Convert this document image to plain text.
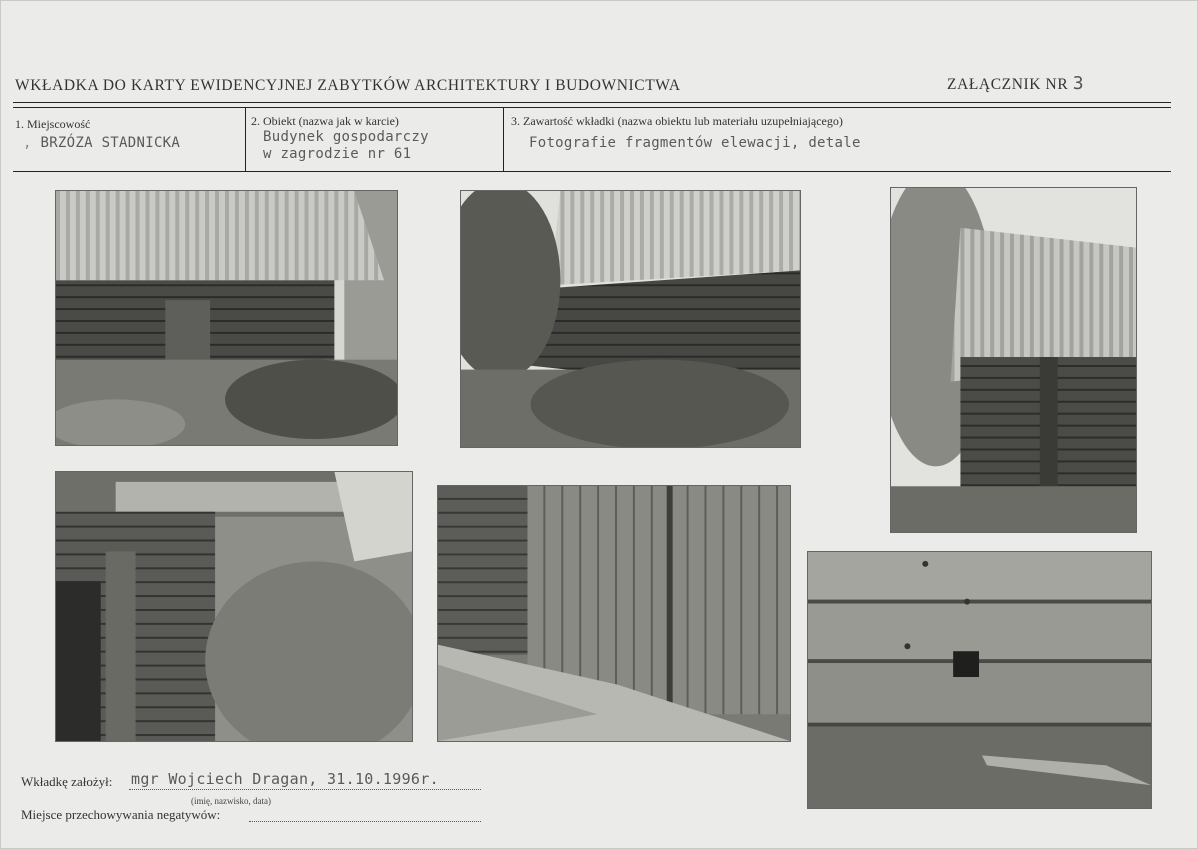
WKŁADKA DO KARTY EWIDENCYJNEJ ZABYTKÓW ARCHITEKTURY I BUDOWNICTWA	ZAŁĄCZNIK NR 3
1. Miejscowość
, BRZÓZA STADNICKA
2. Obiekt (nazwa jak w karcie)
Budynek gospodarczy
w zagrodzie nr 61
3. Zawartość wkładki (nazwa obiektu lub materiału uzupełniającego)
Fotografie fragmentów elewacji, detale
Wkładkę założył: mgr Wojciech Dragan, 31.10.1996r.
(imię, nazwisko, data)
Miejsce przechowywania negatywów:
